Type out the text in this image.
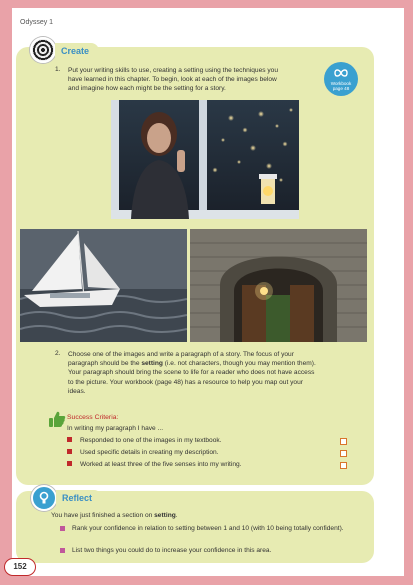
Odyssey 1
Create
1. Put your writing skills to use, creating a setting using the techniques you
have learned in this chapter. To begin, look at each of the images below
and imagine how each might be the setting for a story.
Workbook
page 48
2. Choose one of the images and write a paragraph of a story. The focus of your
paragraph should be the setting (i.e. not characters, though you may mention them).
Your paragraph should bring the scene to life for a reader who does not have access
to the picture. Your workbook (page 48) has a resource to help you map out your
ideas.
Success Criteria:
In writing my paragraph I have ...
Responded to one of the images in my textbook.
Used specific details in creating my description.
Worked at least three of the five senses into my writing.
Reflect
You have just finished a section on setting.
Rank your confidence in relation to setting between 1 and 10 (with 10 being totally confident).
List two things you could do to increase your confidence in this area.
152
